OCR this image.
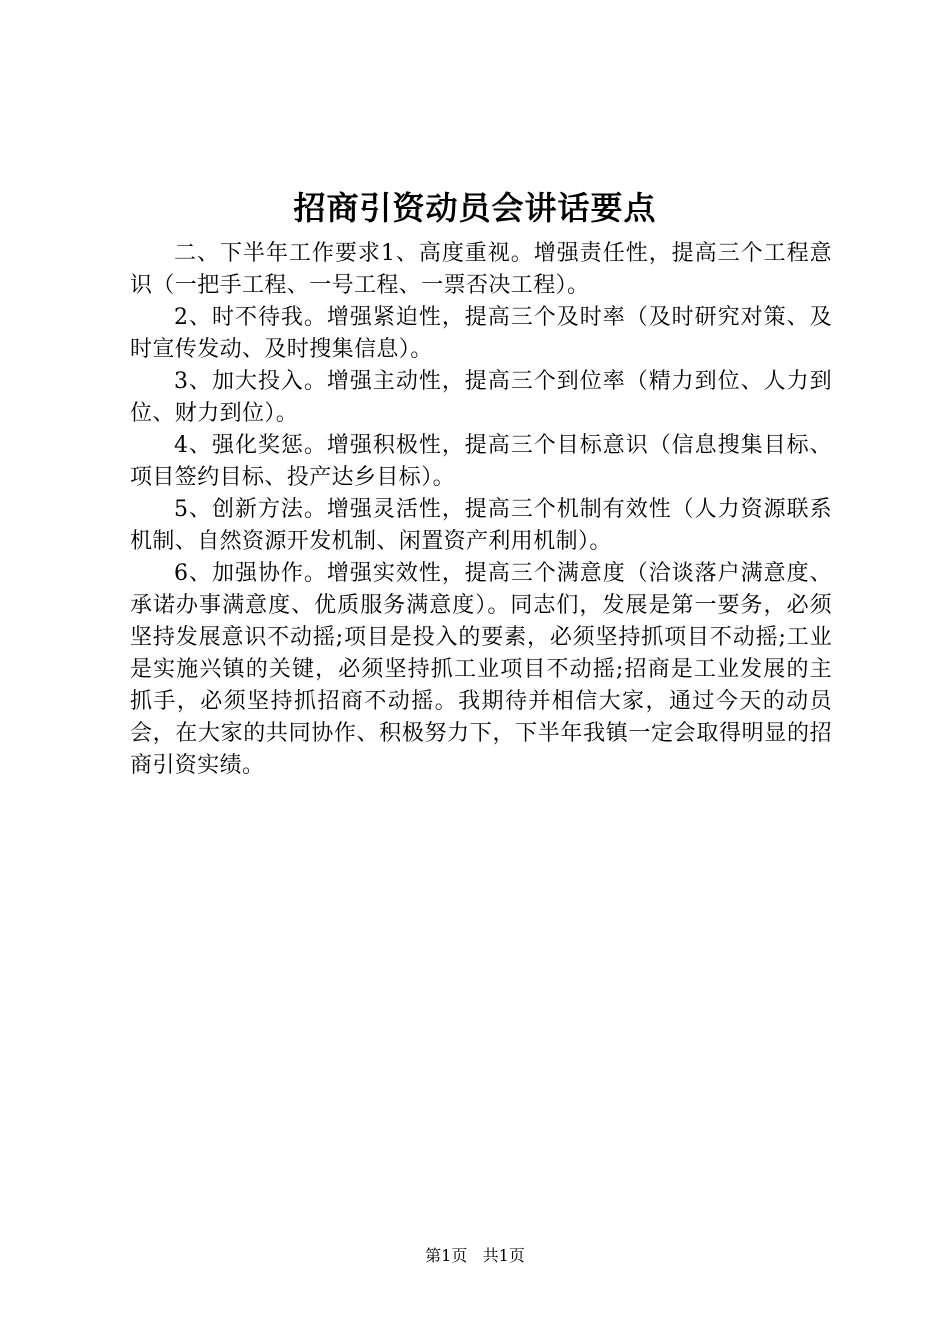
招商引资动员会讲话要点

二、下半年工作要求1、高度重视。增强责任性，提高三个工程意识（一把手工程、一号工程、一票否决工程）。

2、时不待我。增强紧迫性，提高三个及时率（及时研究对策、及时宣传发动、及时搜集信息）。

3、加大投入。增强主动性，提高三个到位率（精力到位、人力到位、财力到位）。

4、强化奖惩。增强积极性，提高三个目标意识（信息搜集目标、项目签约目标、投产达乡目标）。

5、创新方法。增强灵活性，提高三个机制有效性（人力资源联系机制、自然资源开发机制、闲置资产利用机制）。

6、加强协作。增强实效性，提高三个满意度（洽谈落户满意度、承诺办事满意度、优质服务满意度）。同志们，发展是第一要务，必须坚持发展意识不动摇;项目是投入的要素，必须坚持抓项目不动摇;工业是实施兴镇的关键，必须坚持抓工业项目不动摇;招商是工业发展的主抓手，必须坚持抓招商不动摇。我期待并相信大家，通过今天的动员会，在大家的共同协作、积极努力下，下半年我镇一定会取得明显的招商引资实绩。

第1页 共1页
